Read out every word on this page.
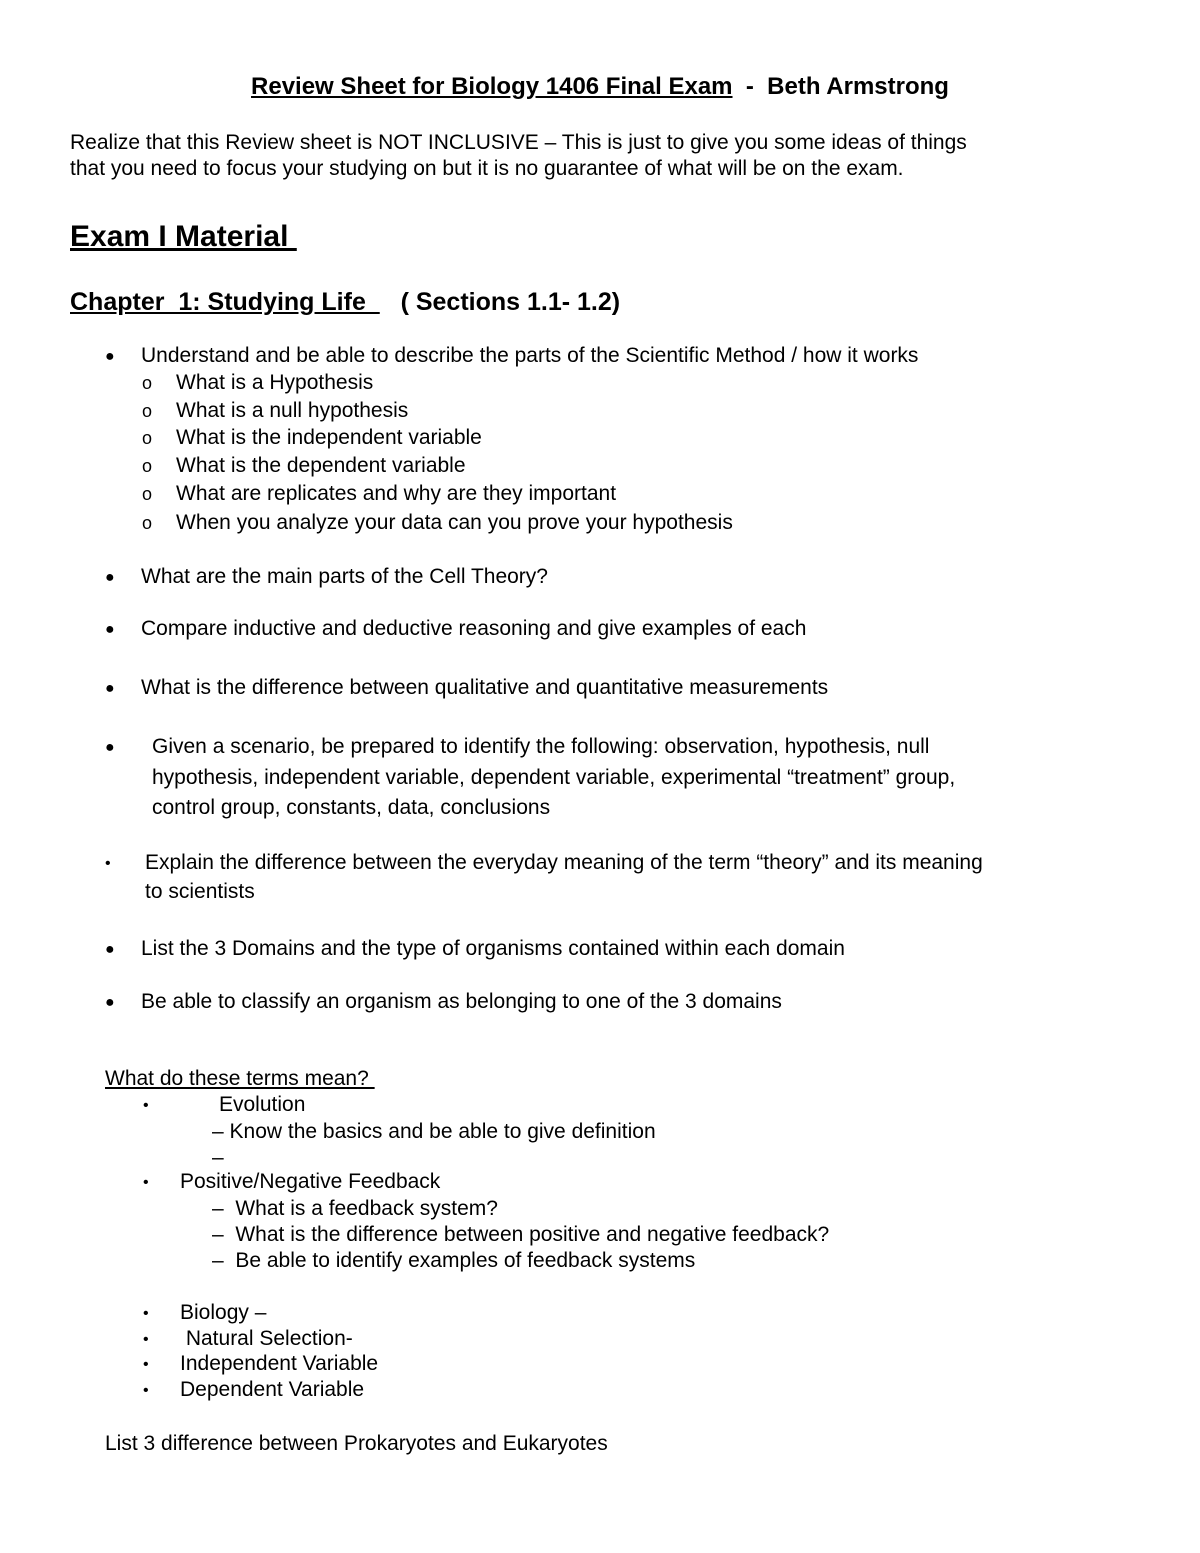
Review Sheet for Biology 1406 Final Exam  -  Beth Armstrong
Realize that this Review sheet is NOT INCLUSIVE – This is just to give you some ideas of things
that you need to focus your studying on but it is no guarantee of what will be on the exam.
Exam I Material
Chapter  1: Studying Life     ( Sections 1.1- 1.2)
● Understand and be able to describe the parts of the Scientific Method / how it works
o What is a Hypothesis
o What is a null hypothesis
o What is the independent variable
o What is the dependent variable
o What are replicates and why are they important
o When you analyze your data can you prove your hypothesis
● What are the main parts of the Cell Theory?
● Compare inductive and deductive reasoning and give examples of each
● What is the difference between qualitative and quantitative measurements
● Given a scenario, be prepared to identify the following: observation, hypothesis, null
hypothesis, independent variable, dependent variable, experimental “treatment” group,
control group, constants, data, conclusions
• Explain the difference between the everyday meaning of the term “theory” and its meaning
to scientists
● List the 3 Domains and the type of organisms contained within each domain
● Be able to classify an organism as belonging to one of the 3 domains
What do these terms mean?
•	Evolution
– Know the basics and be able to give definition
–
• Positive/Negative Feedback
–  What is a feedback system?
–  What is the difference between positive and negative feedback?
–  Be able to identify examples of feedback systems
• Biology –
• Natural Selection-
• Independent Variable
• Dependent Variable
List 3 difference between Prokaryotes and Eukaryotes
